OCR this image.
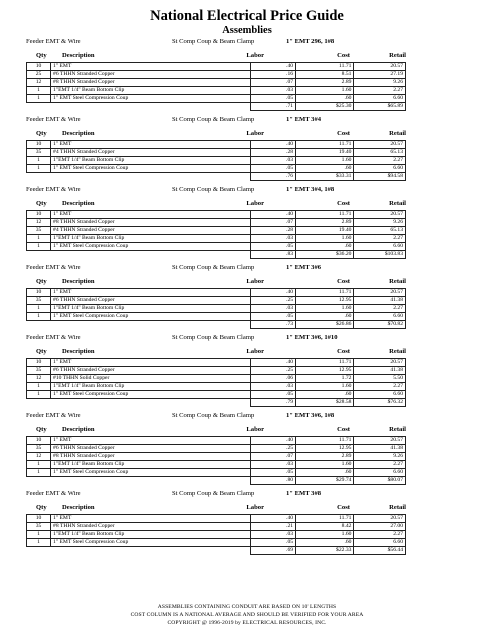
National Electrical Price Guide
Assemblies
Feeder EMT & Wire	St Comp Coup & Beam Clamp	1" EMT 296, 1#8
Qty Description	Labor	Cost	Retail
10	1" EMT	.40	11.71	20.57
25	#6 THHN Stranded Copper	.16	8.51	27.19
12	#8 THHN Stranded Copper	.07	2.89	9.26
1	1"EMT 1/4" Beam Bottom Clip	.03	1.60	2.27
1	1" EMT Steel Compression Coup	.05	.60	6.60
		.71	$25.30	$65.89
Feeder EMT & Wire	St Comp Coup & Beam Clamp	1" EMT 3#4
Qty Description	Labor	Cost	Retail
10	1" EMT	.40	11.71	20.57
35	#4 THHN Stranded Copper	.28	19.40	65.13
1	1"EMT 1/4" Beam Bottom Clip	.03	1.60	2.27
1	1" EMT Steel Compression Coup	.05	.60	6.60
		.76	$33.31	$94.58
Feeder EMT & Wire	St Comp Coup & Beam Clamp	1" EMT 3#4, 1#8
Qty Description	Labor	Cost	Retail
10	1" EMT	.40	11.71	20.57
12	#8 THHN Stranded Copper	.07	2.89	9.26
35	#4 THHN Stranded Copper	.28	19.40	65.13
1	1"EMT 1/4" Beam Bottom Clip	.03	1.60	2.27
1	1" EMT Steel Compression Coup	.05	.60	6.60
		.83	$36.20	$103.83
Feeder EMT & Wire	St Comp Coup & Beam Clamp	1" EMT 3#6
Qty Description	Labor	Cost	Retail
10	1" EMT	.40	11.71	20.57
35	#6 THHN Stranded Copper	.25	12.95	41.38
1	1"EMT 1/4" Beam Bottom Clip	.03	1.60	2.27
1	1" EMT Steel Compression Coup	.05	.60	6.60
		.73	$26.86	$70.82
Feeder EMT & Wire	St Comp Coup & Beam Clamp	1" EMT 3#6, 1#10
Qty Description	Labor	Cost	Retail
10	1" EMT	.40	11.71	20.57
35	#6 THHN Stranded Copper	.25	12.95	41.38
12	#10 THHN Solid Copper	.06	1.72	5.50
1	1"EMT 1/4" Beam Bottom Clip	.03	1.60	2.27
1	1" EMT Steel Compression Coup	.05	.60	6.60
		.79	$28.58	$76.32
Feeder EMT & Wire	St Comp Coup & Beam Clamp	1" EMT 3#6, 1#8
Qty Description	Labor	Cost	Retail
10	1" EMT	.40	11.71	20.57
35	#6 THHN Stranded Copper	.25	12.95	41.38
12	#8 THHN Stranded Copper	.07	2.89	9.26
1	1"EMT 1/4" Beam Bottom Clip	.03	1.60	2.27
1	1" EMT Steel Compression Coup	.05	.60	6.60
		.80	$29.74	$80.07
Feeder EMT & Wire	St Comp Coup & Beam Clamp	1" EMT 3#8
Qty Description	Labor	Cost	Retail
10	1" EMT	.40	11.71	20.57
35	#8 THHN Stranded Copper	.21	8.42	27.00
1	1"EMT 1/4" Beam Bottom Clip	.03	1.60	2.27
1	1" EMT Steel Compression Coup	.05	.60	6.60
		.69	$22.33	$56.44
ASSEMBLIES CONTAINING CONDUIT ARE BASED ON 10' LENGTHS
COST COLUMN IS A NATIONAL AVERAGE AND SHOULD BE VERIFIED FOR YOUR AREA
COPYRIGHT @ 1996-2019 by ELECTRICAL RESOURCES, INC.
